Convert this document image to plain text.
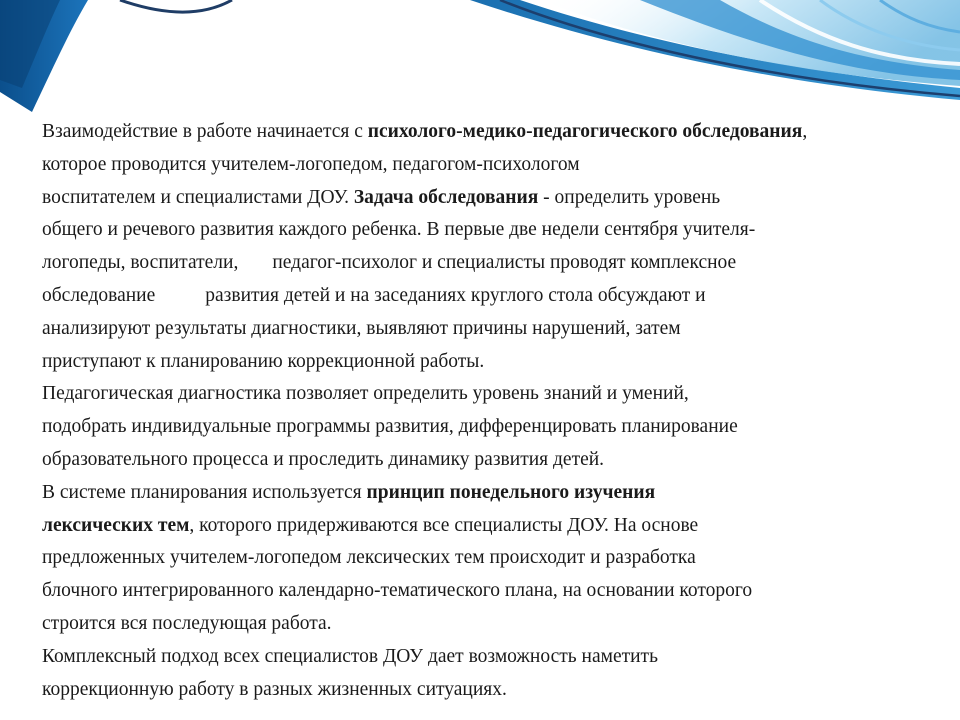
Взаимодействие в работе начинается с психолого-медико-педагогического обследования,
которое проводится учителем-логопедом, педагогом-психологом
воспитателем и специалистами ДОУ. Задача обследования - определить уровень
общего и речевого развития каждого ребенка. В первые две недели сентября учителя-
логопеды, воспитатели, педагог-психолог и специалисты проводят комплексное
обследование	развития детей и на заседаниях круглого стола обсуждают и
анализируют результаты диагностики, выявляют причины нарушений, затем
приступают к планированию коррекционной работы.
Педагогическая диагностика позволяет определить уровень знаний и умений,
подобрать индивидуальные программы развития, дифференцировать планирование
образовательного процесса и проследить динамику развития детей.
В системе планирования используется принцип понедельного изучения
лексических тем, которого придерживаются все специалисты ДОУ. На основе
предложенных учителем-логопедом лексических тем происходит и разработка
блочного интегрированного календарно-тематического плана, на основании которого
строится вся последующая работа.
Комплексный подход всех специалистов ДОУ дает возможность наметить
коррекционную работу в разных жизненных ситуациях.
